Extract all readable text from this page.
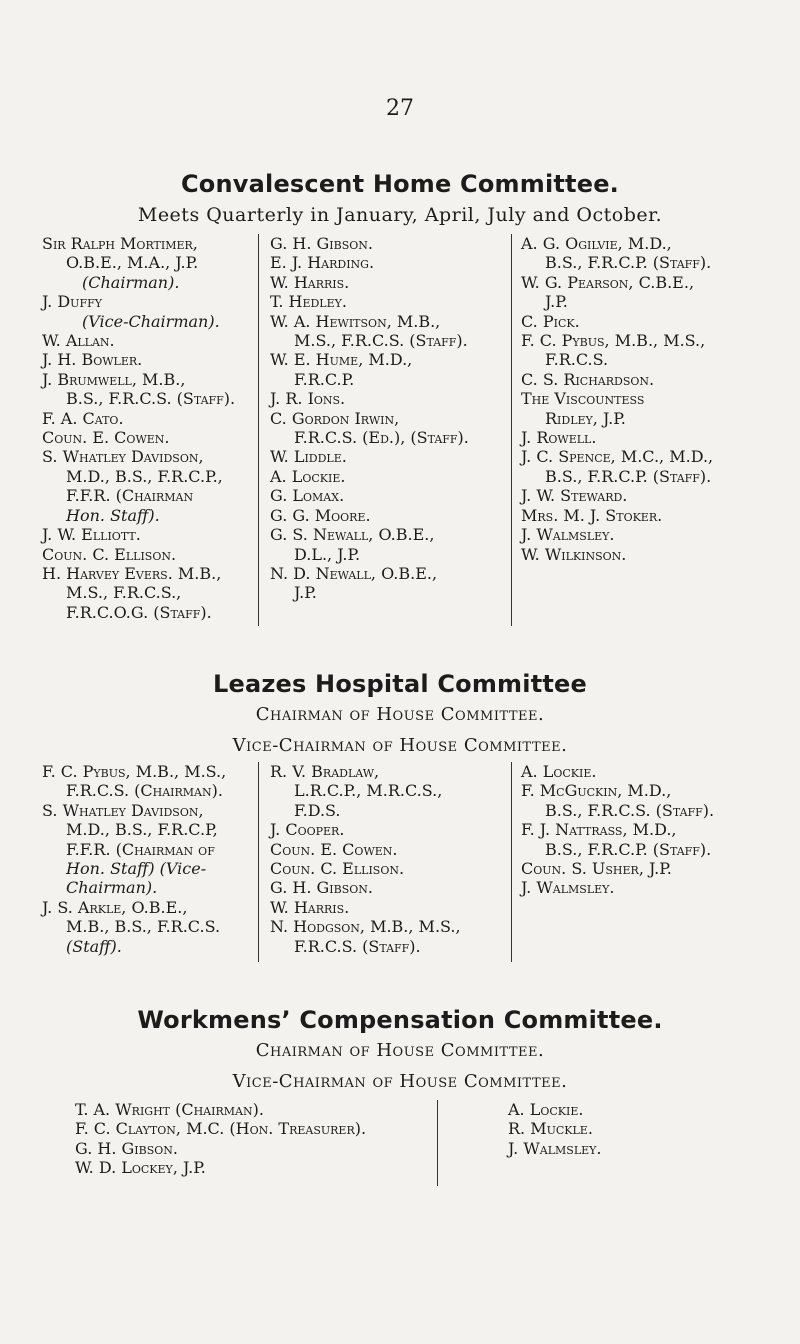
27
Convalescent Home Committee.
Meets Quarterly in January, April, July and October.
Sir Ralph Mortimer,
O.B.E., M.A., J.P.
(Chairman).
J. Duffy
(Vice-Chairman).
W. Allan.
J. H. Bowler.
J. Brumwell, M.B.,
B.S., F.R.C.S. (Staff).
F. A. Cato.
Coun. E. Cowen.
S. Whatley Davidson,
M.D., B.S., F.R.C.P.,
F.F.R. (Chairman
Hon. Staff).
J. W. Elliott.
Coun. C. Ellison.
H. Harvey Evers. M.B.,
M.S., F.R.C.S.,
F.R.C.O.G. (Staff).
G. H. Gibson.
E. J. Harding.
W. Harris.
T. Hedley.
W. A. Hewitson, M.B.,
M.S., F.R.C.S. (Staff).
W. E. Hume, M.D.,
F.R.C.P.
J. R. Ions.
C. Gordon Irwin,
F.R.C.S. (Ed.), (Staff).
W. Liddle.
A. Lockie.
G. Lomax.
G. G. Moore.
G. S. Newall, O.B.E.,
D.L., J.P.
N. D. Newall, O.B.E.,
J.P.
A. G. Ogilvie, M.D.,
B.S., F.R.C.P. (Staff).
W. G. Pearson, C.B.E.,
J.P.
C. Pick.
F. C. Pybus, M.B., M.S.,
F.R.C.S.
C. S. Richardson.
The Viscountess
Ridley, J.P.
J. Rowell.
J. C. Spence, M.C., M.D.,
B.S., F.R.C.P. (Staff).
J. W. Steward.
Mrs. M. J. Stoker.
J. Walmsley.
W. Wilkinson.
Leazes Hospital Committee
Chairman of House Committee.
Vice-Chairman of House Committee.
F. C. Pybus, M.B., M.S.,
F.R.C.S. (Chairman).
S. Whatley Davidson,
M.D., B.S., F.R.C.P,
F.F.R. (Chairman of
Hon. Staff) (Vice-
Chairman).
J. S. Arkle, O.B.E.,
M.B., B.S., F.R.C.S.
(Staff).
R. V. Bradlaw,
L.R.C.P., M.R.C.S.,
F.D.S.
J. Cooper.
Coun. E. Cowen.
Coun. C. Ellison.
G. H. Gibson.
W. Harris.
N. Hodgson, M.B., M.S.,
F.R.C.S. (Staff).
A. Lockie.
F. McGuckin, M.D.,
B.S., F.R.C.S. (Staff).
F. J. Nattrass, M.D.,
B.S., F.R.C.P. (Staff).
Coun. S. Usher, J.P.
J. Walmsley.
Workmens’ Compensation Committee.
Chairman of House Committee.
Vice-Chairman of House Committee.
T. A. Wright (Chairman).
F. C. Clayton, M.C. (Hon. Treasurer).
G. H. Gibson.
W. D. Lockey, J.P.
A. Lockie.
R. Muckle.
J. Walmsley.
